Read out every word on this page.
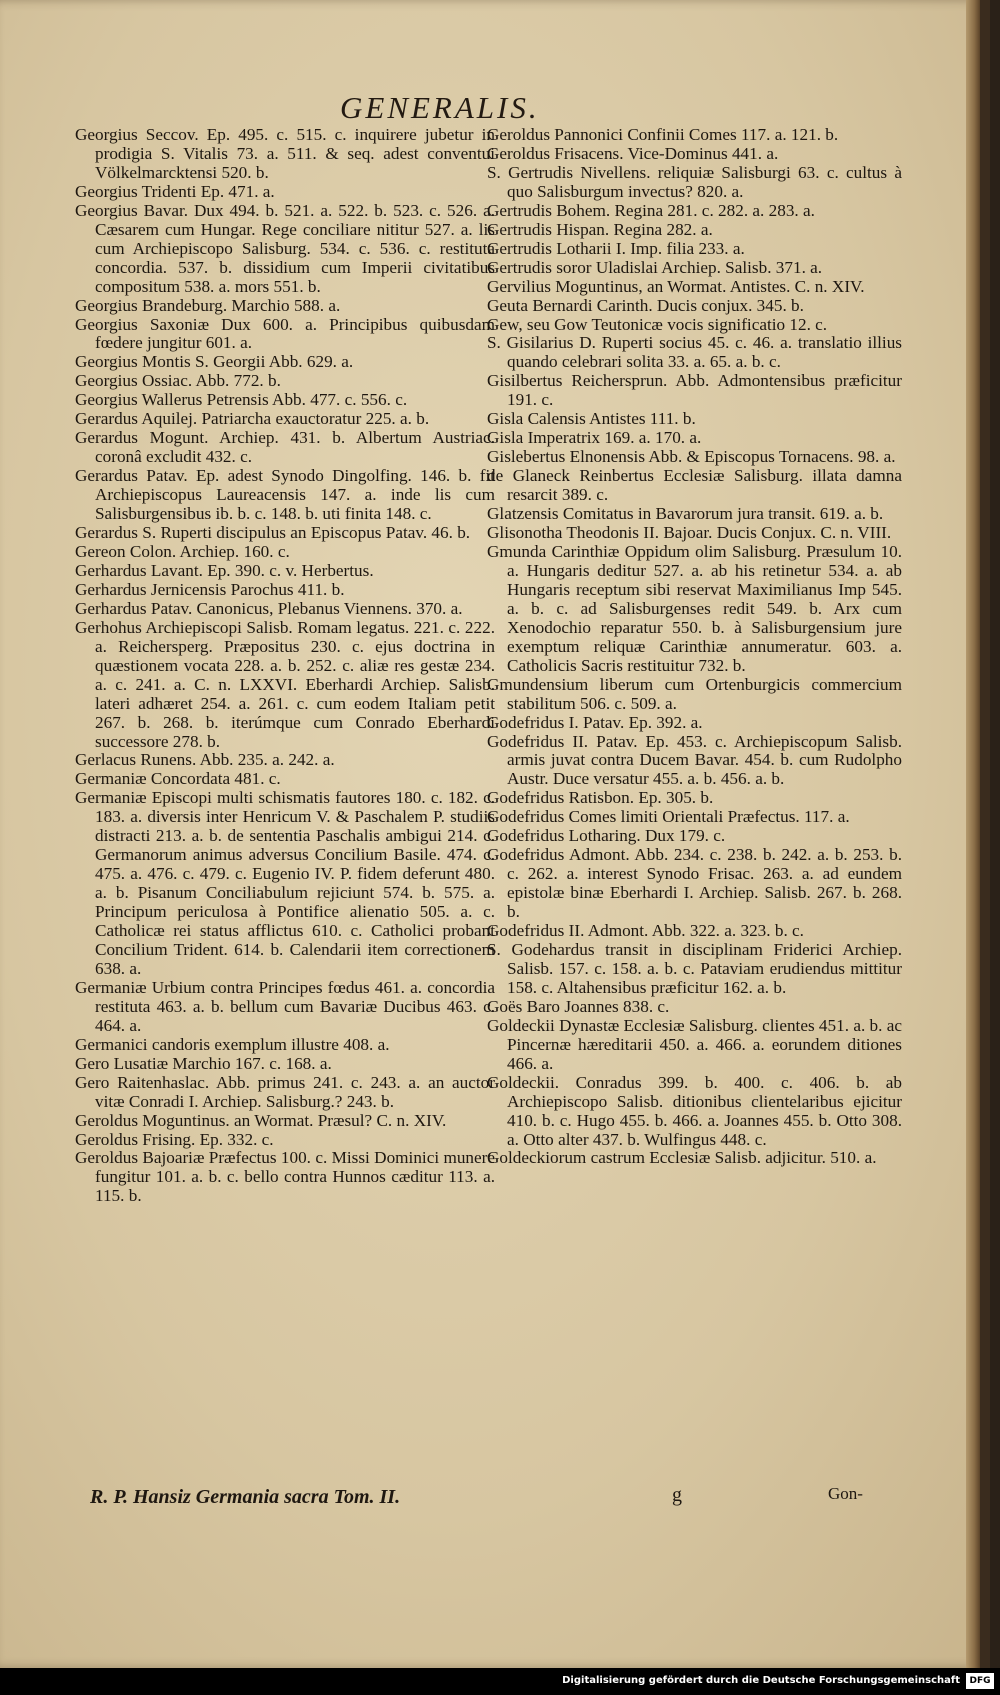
GENERALIS.

Georgius Seccov. Ep. 495. c. 515. c. inquirere jubetur in prodigia S. Vitalis 73. a. 511. & seq. adest conventui Völkelmarcktensi 520. b.

Georgius Tridenti Ep. 471. a.

Georgius Bavar. Dux 494. b. 521. a. 522. b. 523. c. 526. a. Cæsarem cum Hungar. Rege conciliare nititur 527. a. lis cum Archiepiscopo Salisburg. 534. c. 536. c. restituta concordia. 537. b. dissidium cum Imperii civitatibus compositum 538. a. mors 551. b.

Georgius Brandeburg. Marchio 588. a.

Georgius Saxoniæ Dux 600. a. Principibus quibusdam fœdere jungitur 601. a.

Georgius Montis S. Georgii Abb. 629. a.

Georgius Ossiac. Abb. 772. b.

Georgius Wallerus Petrensis Abb. 477. c. 556. c.

Gerardus Aquilej. Patriarcha exauctoratur 225. a. b.

Gerardus Mogunt. Archiep. 431. b. Albertum Austriac. coronâ excludit 432. c.

Gerardus Patav. Ep. adest Synodo Dingolfing. 146. b. fit Archiepiscopus Laureacensis 147. a. inde lis cum Salisburgensibus ib. b. c. 148. b. uti finita 148. c.

Gerardus S. Ruperti discipulus an Episcopus Patav. 46. b.

Gereon Colon. Archiep. 160. c.

Gerhardus Lavant. Ep. 390. c. v. Herbertus.

Gerhardus Jernicensis Parochus 411. b.

Gerhardus Patav. Canonicus, Plebanus Viennens. 370. a.

Gerhohus Archiepiscopi Salisb. Romam legatus. 221. c. 222. a. Reichersperg. Præpositus 230. c. ejus doctrina in quæstionem vocata 228. a. b. 252. c. aliæ res gestæ 234. a. c. 241. a. C. n. LXXVI. Eberhardi Archiep. Salisb. lateri adhæret 254. a. 261. c. cum eodem Italiam petit 267. b. 268. b. iterúmque cum Conrado Eberhardi successore 278. b.

Gerlacus Runens. Abb. 235. a. 242. a.

Germaniæ Concordata 481. c.

Germaniæ Episcopi multi schismatis fautores 180. c. 182. c. 183. a. diversis inter Henricum V. & Paschalem P. studiis distracti 213. a. b. de sententia Paschalis ambigui 214. c. Germanorum animus adversus Concilium Basile. 474. c. 475. a. 476. c. 479. c. Eugenio IV. P. fidem deferunt 480. a. b. Pisanum Conciliabulum rejiciunt 574. b. 575. a. Principum periculosa à Pontifice alienatio 505. a. c. Catholicæ rei status afflictus 610. c. Catholici probant Concilium Trident. 614. b. Calendarii item correctionem 638. a.

Germaniæ Urbium contra Principes fœdus 461. a. concordia restituta 463. a. b. bellum cum Bavariæ Ducibus 463. c. 464. a.

Germanici candoris exemplum illustre 408. a.

Gero Lusatiæ Marchio 167. c. 168. a.

Gero Raitenhaslac. Abb. primus 241. c. 243. a. an auctor vitæ Conradi I. Archiep. Salisburg.? 243. b.

Geroldus Moguntinus. an Wormat. Præsul? C. n. XIV.

Geroldus Frising. Ep. 332. c.

Geroldus Bajoariæ Præfectus 100. c. Missi Dominici munere fungitur 101. a. b. c. bello contra Hunnos cæditur 113. a. 115. b.

Geroldus Pannonici Confinii Comes 117. a. 121. b.

Geroldus Frisacens. Vice-Dominus 441. a.

S. Gertrudis Nivellens. reliquiæ Salisburgi 63. c. cultus à quo Salisburgum invectus? 820. a.

Gertrudis Bohem. Regina 281. c. 282. a. 283. a.

Gertrudis Hispan. Regina 282. a.

Gertrudis Lotharii I. Imp. filia 233. a.

Gertrudis soror Uladislai Archiep. Salisb. 371. a.

Gervilius Moguntinus, an Wormat. Antistes. C. n. XIV.

Geuta Bernardi Carinth. Ducis conjux. 345. b.

Gew, seu Gow Teutonicæ vocis significatio 12. c.

S. Gisilarius D. Ruperti socius 45. c. 46. a. translatio illius quando celebrari solita 33. a. 65. a. b. c.

Gisilbertus Reichersprun. Abb. Admontensibus præficitur 191. c.

Gisla Calensis Antistes 111. b.

Gisla Imperatrix 169. a. 170. a.

Gislebertus Elnonensis Abb. & Episcopus Tornacens. 98. a.

de Glaneck Reinbertus Ecclesiæ Salisburg. illata damna resarcit 389. c.

Glatzensis Comitatus in Bavarorum jura transit. 619. a. b.

Glisonotha Theodonis II. Bajoar. Ducis Conjux. C. n. VIII.

Gmunda Carinthiæ Oppidum olim Salisburg. Præsulum 10. a. Hungaris deditur 527. a. ab his retinetur 534. a. ab Hungaris receptum sibi reservat Maximilianus Imp 545. a. b. c. ad Salisburgenses redit 549. b. Arx cum Xenodochio reparatur 550. b. à Salisburgensium jure exemptum reliquæ Carinthiæ annumeratur. 603. a. Catholicis Sacris restituitur 732. b.

Gmundensium liberum cum Ortenburgicis commercium stabilitum 506. c. 509. a.

Godefridus I. Patav. Ep. 392. a.

Godefridus II. Patav. Ep. 453. c. Archiepiscopum Salisb. armis juvat contra Ducem Bavar. 454. b. cum Rudolpho Austr. Duce versatur 455. a. b. 456. a. b.

Godefridus Ratisbon. Ep. 305. b.

Godefridus Comes limiti Orientali Præfectus. 117. a.

Godefridus Lotharing. Dux 179. c.

Godefridus Admont. Abb. 234. c. 238. b. 242. a. b. 253. b. c. 262. a. interest Synodo Frisac. 263. a. ad eundem epistolæ binæ Eberhardi I. Archiep. Salisb. 267. b. 268. b.

Godefridus II. Admont. Abb. 322. a. 323. b. c.

S. Godehardus transit in disciplinam Friderici Archiep. Salisb. 157. c. 158. a. b. c. Pataviam erudiendus mittitur 158. c. Altahensibus præficitur 162. a. b.

Goës Baro Joannes 838. c.

Goldeckii Dynastæ Ecclesiæ Salisburg. clientes 451. a. b. ac Pincernæ hæreditarii 450. a. 466. a. eorundem ditiones 466. a.

Goldeckii. Conradus 399. b. 400. c. 406. b. ab Archiepiscopo Salisb. ditionibus clientelaribus ejicitur 410. b. c. Hugo 455. b. 466. a. Joannes 455. b. Otto 308. a. Otto alter 437. b. Wulfingus 448. c.

Goldeckiorum castrum Ecclesiæ Salisb. adjicitur. 510. a.

R. P. Hansiz Germania sacra Tom. II.	g	Gon-
Digitalisierung gefördert durch die Deutsche Forschungsgemeinschaft	DFG
